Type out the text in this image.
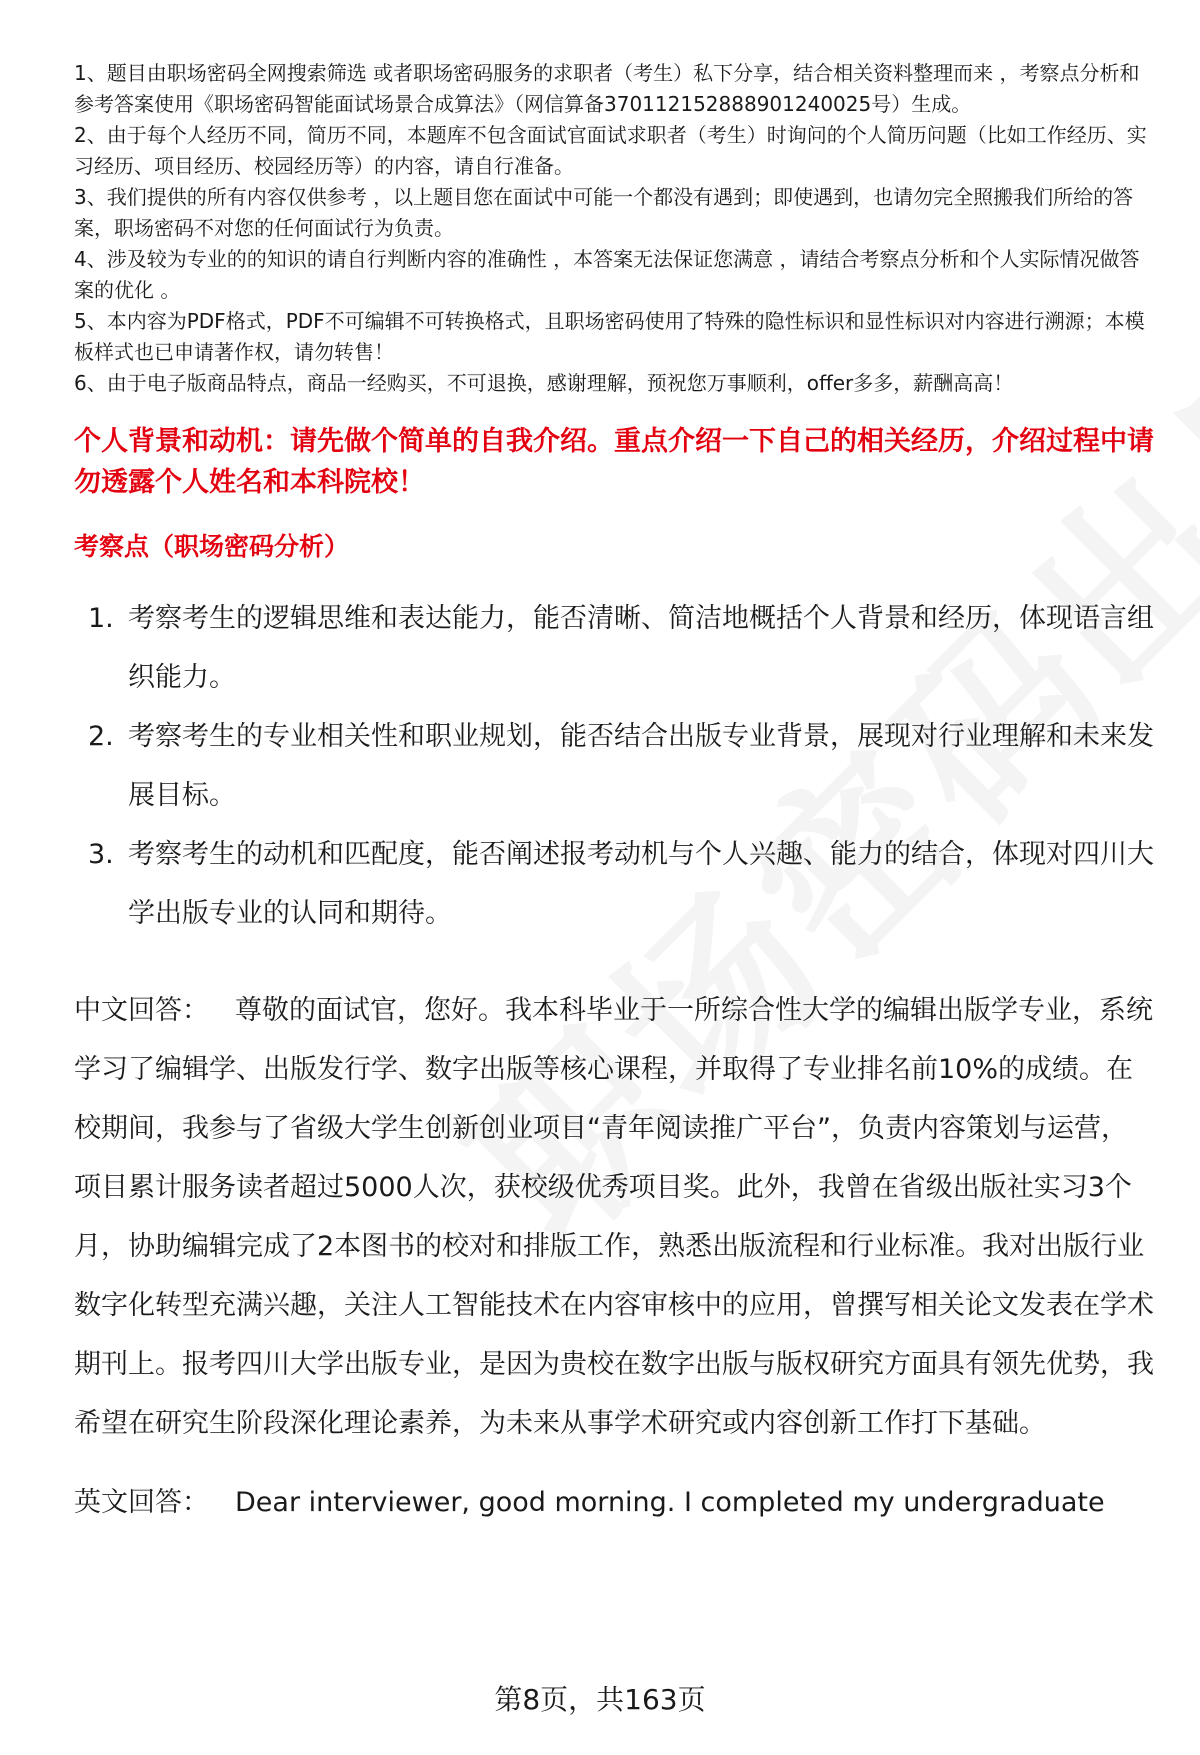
1、题目由职场密码全网搜索筛选 或者职场密码服务的求职者（考生）私下分享，结合相关资料整理而来 ，考察点分析和参考答案使用《职场密码智能面试场景合成算法》（网信算备370112152888901240025号）生成。

2、由于每个人经历不同，简历不同，本题库不包含面试官面试求职者（考生）时询问的个人简历问题（比如工作经历、实习经历、项目经历、校园经历等）的内容，请自行准备。

3、我们提供的所有内容仅供参考 ，以上题目您在面试中可能一个都没有遇到；即使遇到，也请勿完全照搬我们所给的答案，职场密码不对您的任何面试行为负责。

4、涉及较为专业的的知识的请自行判断内容的准确性 ，本答案无法保证您满意 ，请结合考察点分析和个人实际情况做答案的优化 。

5、本内容为PDF格式，PDF不可编辑不可转换格式，且职场密码使用了特殊的隐性标识和显性标识对内容进行溯源；本模板样式也已申请著作权，请勿转售！

6、由于电子版商品特点，商品一经购买，不可退换，感谢理解，预祝您万事顺利，offer多多，薪酬高高！

个人背景和动机：请先做个简单的自我介绍。重点介绍一下自己的相关经历，介绍过程中请勿透露个人姓名和本科院校！
考察点（职场密码分析）
1. 考察考生的逻辑思维和表达能力，能否清晰、简洁地概括个人背景和经历，体现语言组织能力。
2. 考察考生的专业相关性和职业规划，能否结合出版专业背景，展现对行业理解和未来发展目标。
3. 考察考生的动机和匹配度，能否阐述报考动机与个人兴趣、能力的结合，体现对四川大学出版专业的认同和期待。

中文回答： 尊敬的面试官，您好。我本科毕业于一所综合性大学的编辑出版学专业，系统学习了编辑学、出版发行学、数字出版等核心课程，并取得了专业排名前10%的成绩。在校期间，我参与了省级大学生创新创业项目“青年阅读推广平台”，负责内容策划与运营，项目累计服务读者超过5000人次，获校级优秀项目奖。此外，我曾在省级出版社实习3个月，协助编辑完成了2本图书的校对和排版工作，熟悉出版流程和行业标准。我对出版行业数字化转型充满兴趣，关注人工智能技术在内容审核中的应用，曾撰写相关论文发表在学术期刊上。报考四川大学出版专业，是因为贵校在数字出版与版权研究方面具有领先优势，我希望在研究生阶段深化理论素养，为未来从事学术研究或内容创新工作打下基础。

英文回答： Dear interviewer, good morning. I completed my undergraduate

第8页，共163页
